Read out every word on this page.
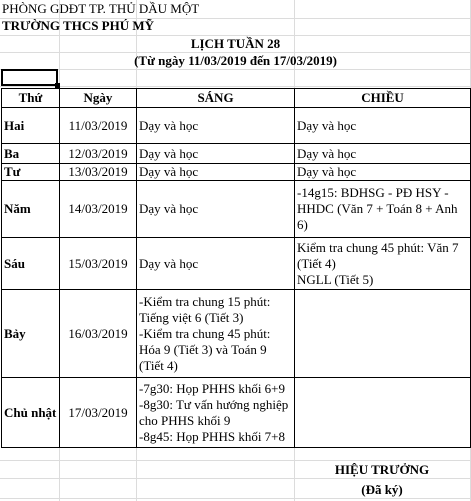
PHÒNG GDĐT TP. THỦ DẦU MỘT
TRƯỜNG THCS PHÚ MỸ
LỊCH TUẦN 28
(Từ ngày 11/03/2019 đến 17/03/2019)
Thứ	Ngày	SÁNG	CHIỀU
Hai	11/03/2019	Dạy và học	Dạy và học

Ba	12/03/2019	Dạy và học	Dạy và học

Tư	13/03/2019	Dạy và học	Dạy và học

Năm	14/03/2019	Dạy và học	-14g15: BDHSG - PĐ HSY -
HHDC (Văn 7 + Toán 8 + Anh
6)

Sáu	15/03/2019	Dạy và học	Kiểm tra chung 45 phút: Văn 7
(Tiết 4)
NGLL (Tiết 5)

Bảy	16/03/2019	-Kiểm tra chung 15 phút:
Tiếng việt 6 (Tiết 3)
-Kiểm tra chung 45 phút:
Hóa 9 (Tiết 3) và Toán 9
(Tiết 4)	

Chủ nhật	17/03/2019	-7g30: Họp PHHS khối 6+9
-8g30: Tư vấn hướng nghiệp
cho PHHS khối 9
-8g45: Họp PHHS khối 7+8	

HIỆU TRƯỞNG
(Đã ký)
